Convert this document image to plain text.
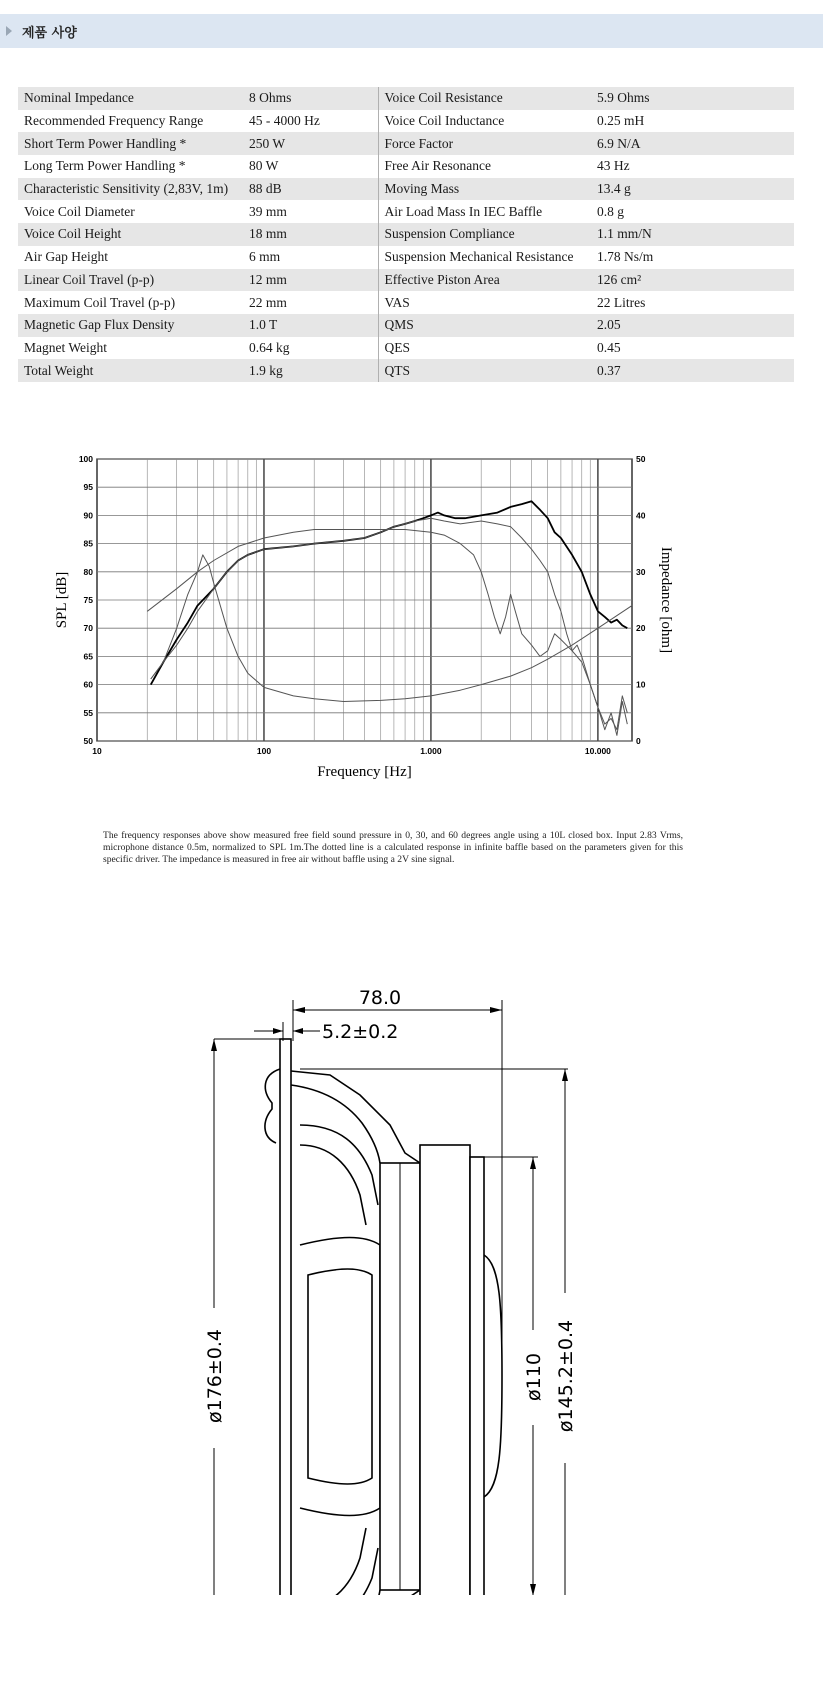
제품 사양
Nominal Impedance	8 Ohms	Voice Coil Resistance	5.9 Ohms
Recommended Frequency Range	45 - 4000 Hz	Voice Coil Inductance	0.25 mH
Short Term Power Handling *	250 W	Force Factor	6.9 N/A
Long Term Power Handling *	80 W	Free Air Resonance	43 Hz
Characteristic Sensitivity (2,83V, 1m)	88 dB	Moving Mass	13.4 g
Voice Coil Diameter	39 mm	Air Load Mass In IEC Baffle	0.8 g
Voice Coil Height	18 mm	Suspension Compliance	1.1 mm/N
Air Gap Height	6 mm	Suspension Mechanical Resistance	1.78 Ns/m
Linear Coil Travel (p-p)	12 mm	Effective Piston Area	126 cm²
Maximum Coil Travel (p-p)	22 mm	VAS	22 Litres
Magnetic Gap Flux Density	1.0 T	QMS	2.05
Magnet Weight	0.64 kg	QES	0.45
Total Weight	1.9 kg	QTS	0.37
50
55
60
65
70
75
80
85
90
95
100
0
10
20
30
40
50
10	100	1.000	10.000
Frequency [Hz]
SPL [dB]	Impedance [ohm]
The frequency responses above show measured free field sound pressure in 0, 30, and 60 degrees angle using a 10L closed box. Input 2.83 Vrms, microphone distance 0.5m, normalized to SPL 1m.The dotted line is a calculated response in infinite baffle based on the parameters given for this specific driver. The impedance is measured in free air without baffle using a 2V sine signal.
78.0
5.2±0.2
ø176±0.4	ø145.2±0.4
ø110
